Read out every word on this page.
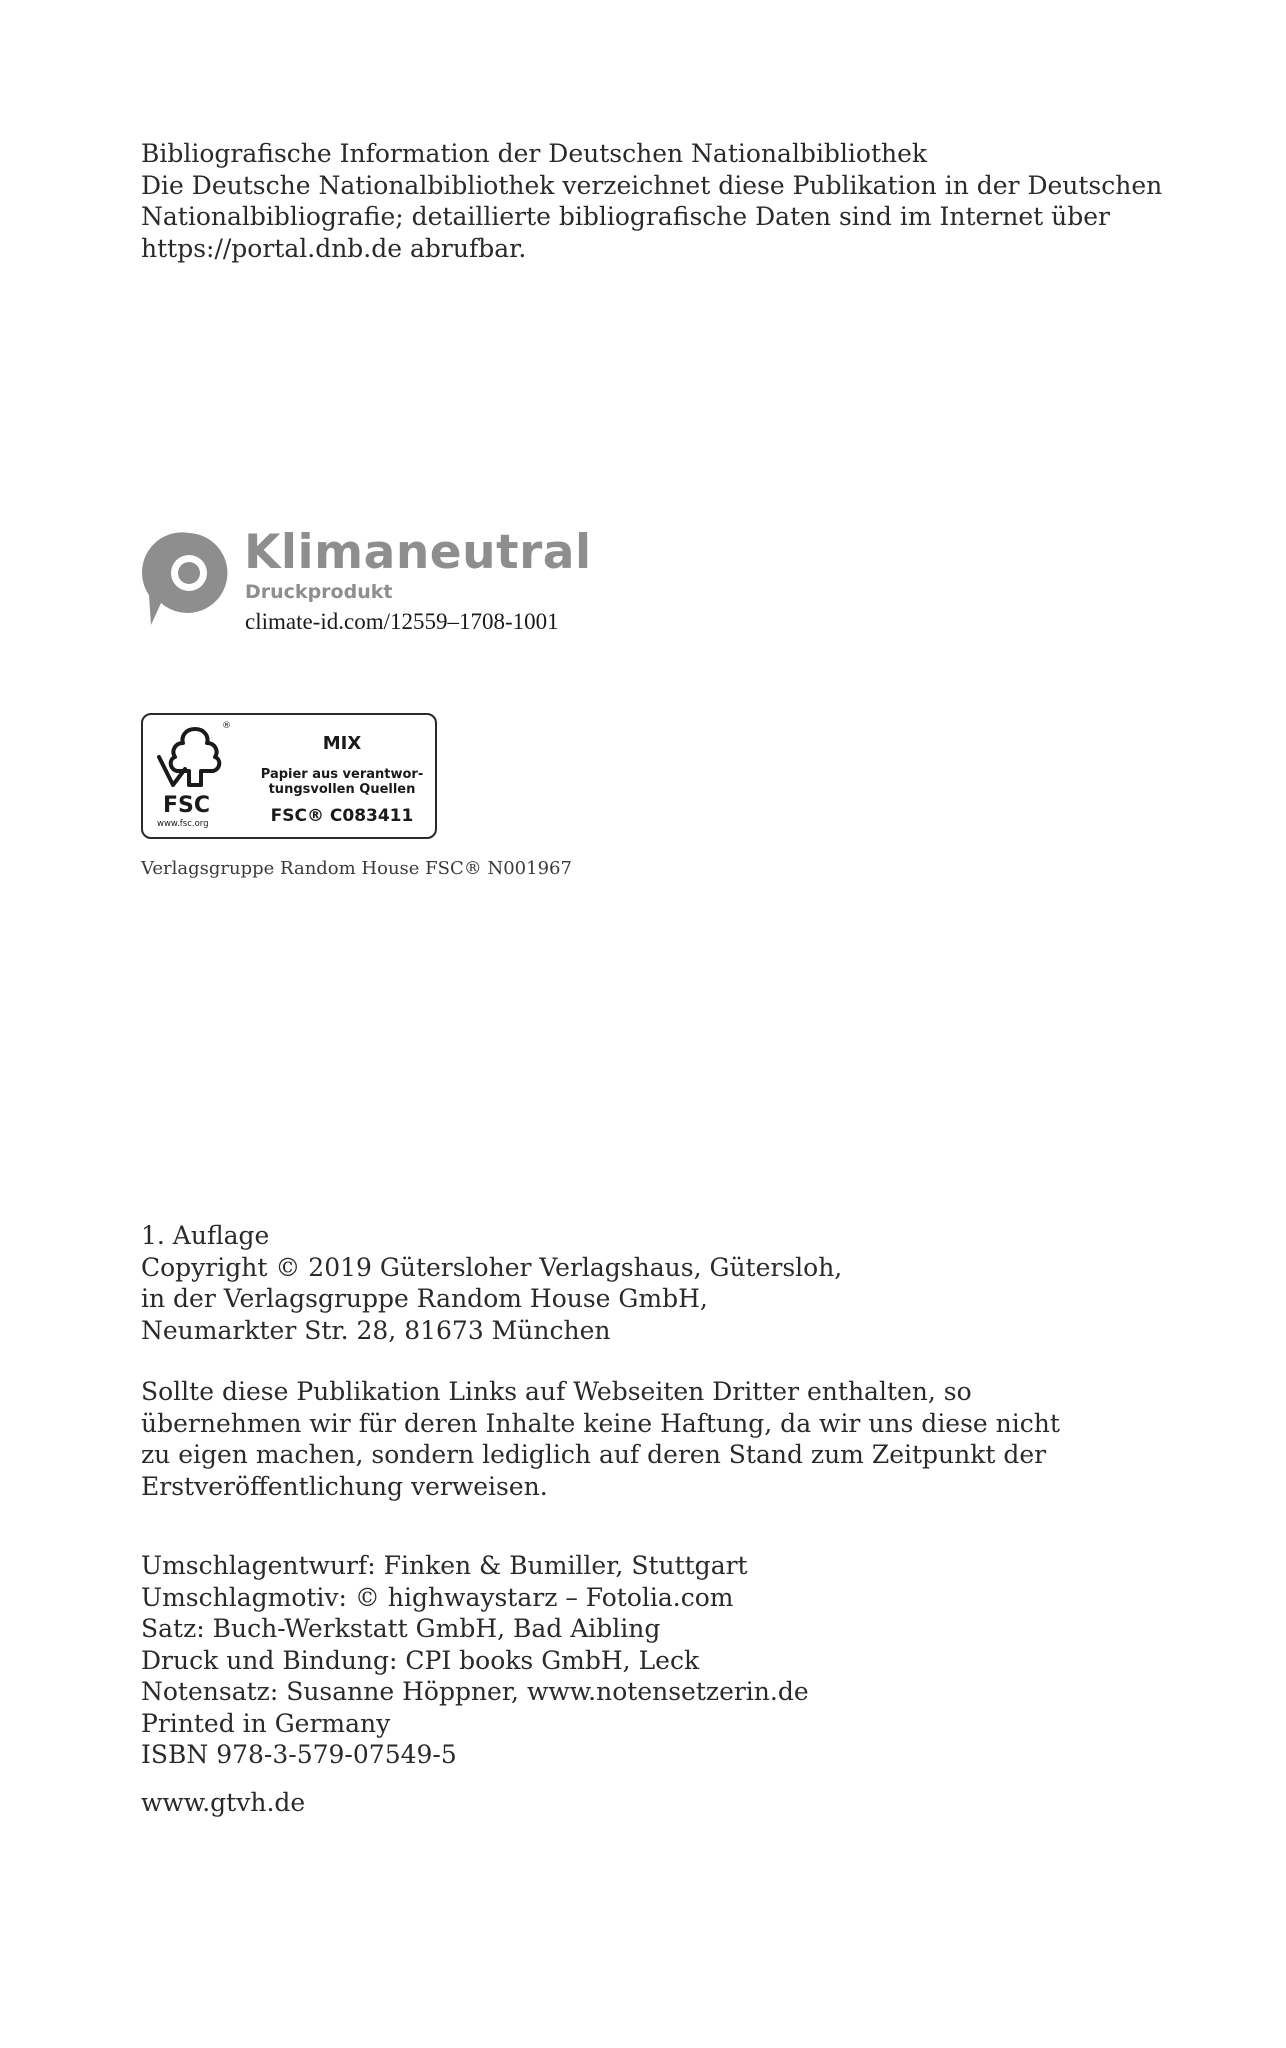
Bibliografische Information der Deutschen Nationalbibliothek
Die Deutsche Nationalbibliothek verzeichnet diese Publikation in der Deutschen
Nationalbibliografie; detaillierte bibliografische Daten sind im Internet über
https://portal.dnb.de abrufbar.
Klimaneutral
Druckprodukt
climate-id.com/12559–1708-1001
®
FSC
www.fsc.org
MIX
Papier aus verantwor-
tungsvollen Quellen
FSC® C083411
Verlagsgruppe Random House FSC® N001967
1. Auflage
Copyright © 2019 Gütersloher Verlagshaus, Gütersloh,
in der Verlagsgruppe Random House GmbH,
Neumarkter Str. 28, 81673 München
Sollte diese Publikation Links auf Webseiten Dritter enthalten, so
übernehmen wir für deren Inhalte keine Haftung, da wir uns diese nicht
zu eigen machen, sondern lediglich auf deren Stand zum Zeitpunkt der
Erstveröffentlichung verweisen.
Umschlagentwurf: Finken & Bumiller, Stuttgart
Umschlagmotiv: © highwaystarz – Fotolia.com
Satz: Buch-Werkstatt GmbH, Bad Aibling
Druck und Bindung: CPI books GmbH, Leck
Notensatz: Susanne Höppner, www.notensetzerin.de
Printed in Germany
ISBN 978-3-579-07549-5
www.gtvh.de
